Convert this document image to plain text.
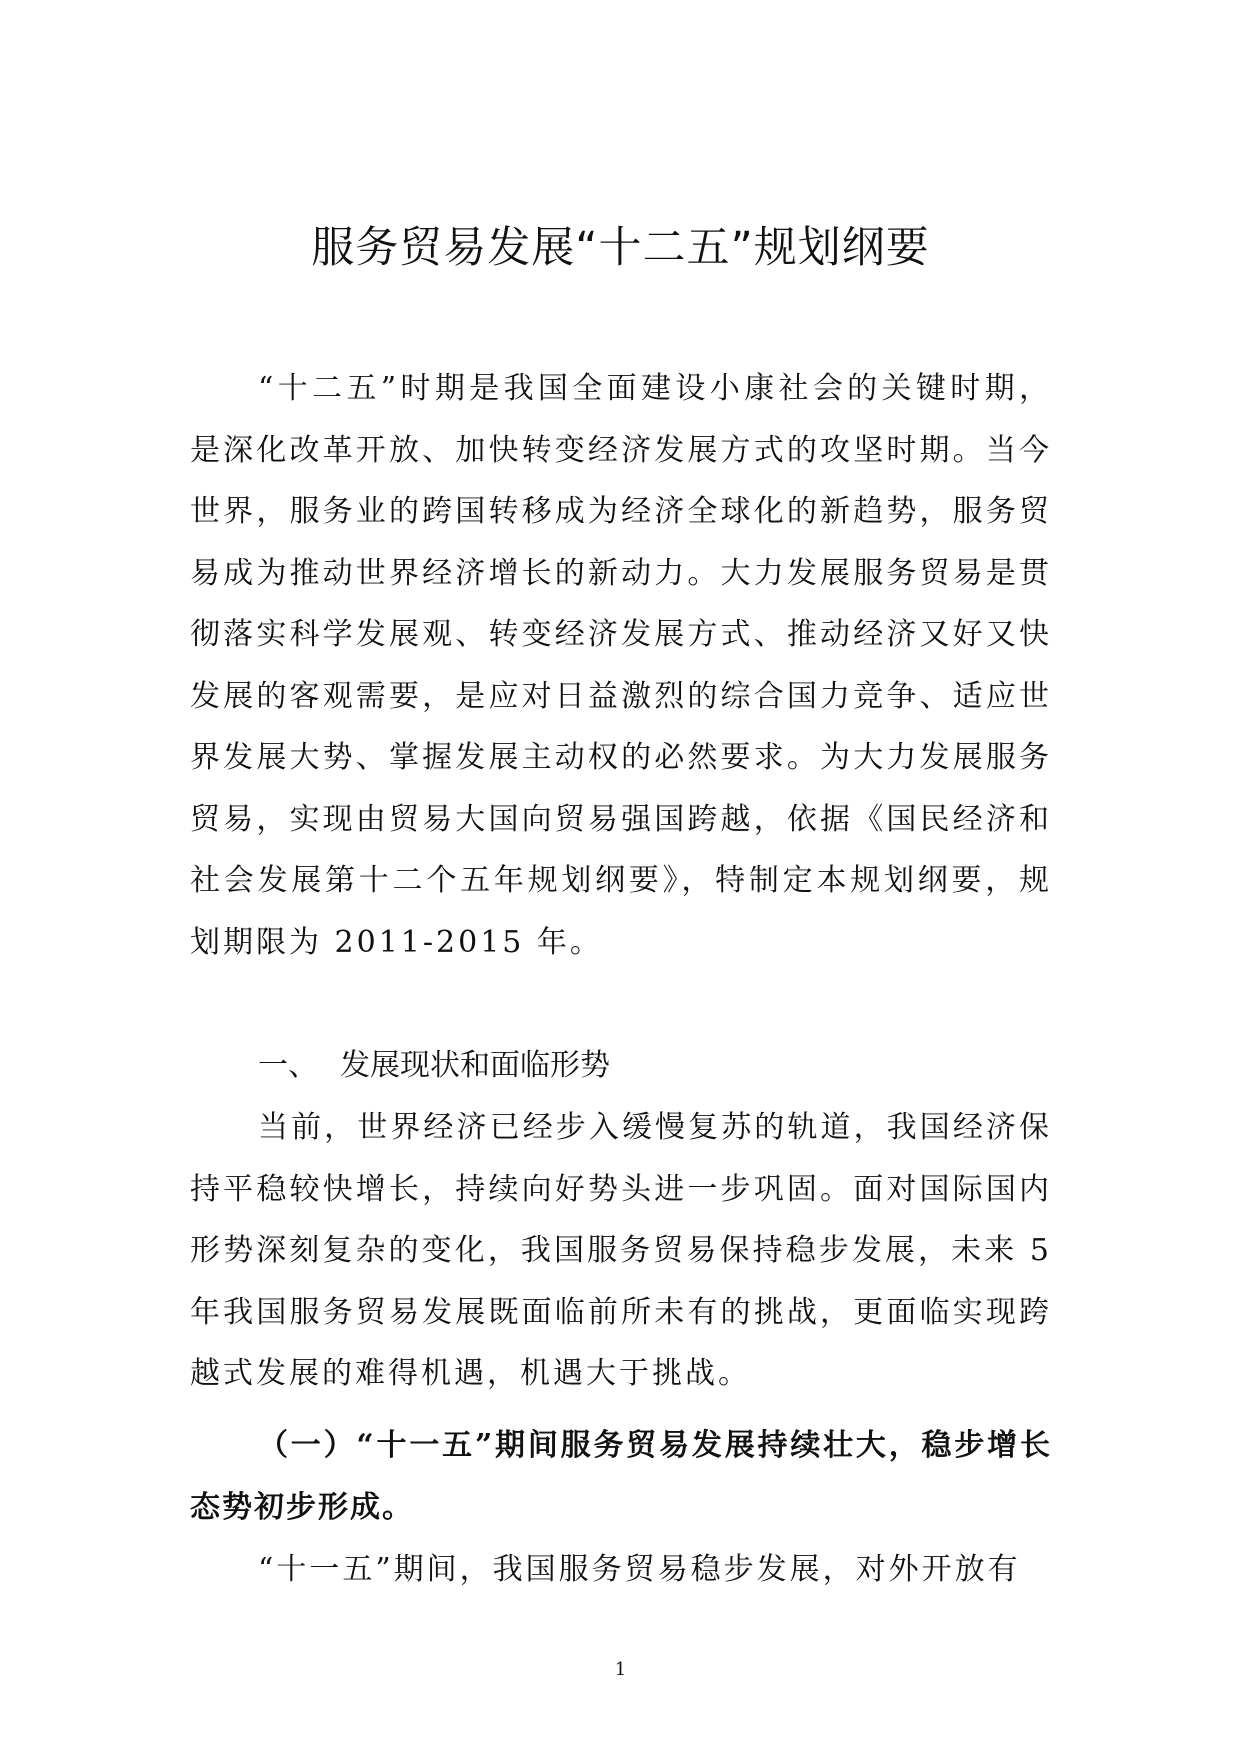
服务贸易发展“十二五”规划纲要

“十二五”时期是我国全面建设小康社会的关键时期，是深化改革开放、加快转变经济发展方式的攻坚时期。当今世界，服务业的跨国转移成为经济全球化的新趋势，服务贸易成为推动世界经济增长的新动力。大力发展服务贸易是贯彻落实科学发展观、转变经济发展方式、推动经济又好又快发展的客观需要，是应对日益激烈的综合国力竞争、适应世界发展大势、掌握发展主动权的必然要求。为大力发展服务贸易，实现由贸易大国向贸易强国跨越，依据《国民经济和社会发展第十二个五年规划纲要》，特制定本规划纲要，规划期限为 2011-2015 年。

一、 发展现状和面临形势

当前，世界经济已经步入缓慢复苏的轨道，我国经济保持平稳较快增长，持续向好势头进一步巩固。面对国际国内形势深刻复杂的变化，我国服务贸易保持稳步发展，未来 5 年我国服务贸易发展既面临前所未有的挑战，更面临实现跨越式发展的难得机遇，机遇大于挑战。

（一）“十一五”期间服务贸易发展持续壮大，稳步增长态势初步形成。

“十一五”期间，我国服务贸易稳步发展，对外开放有

1
